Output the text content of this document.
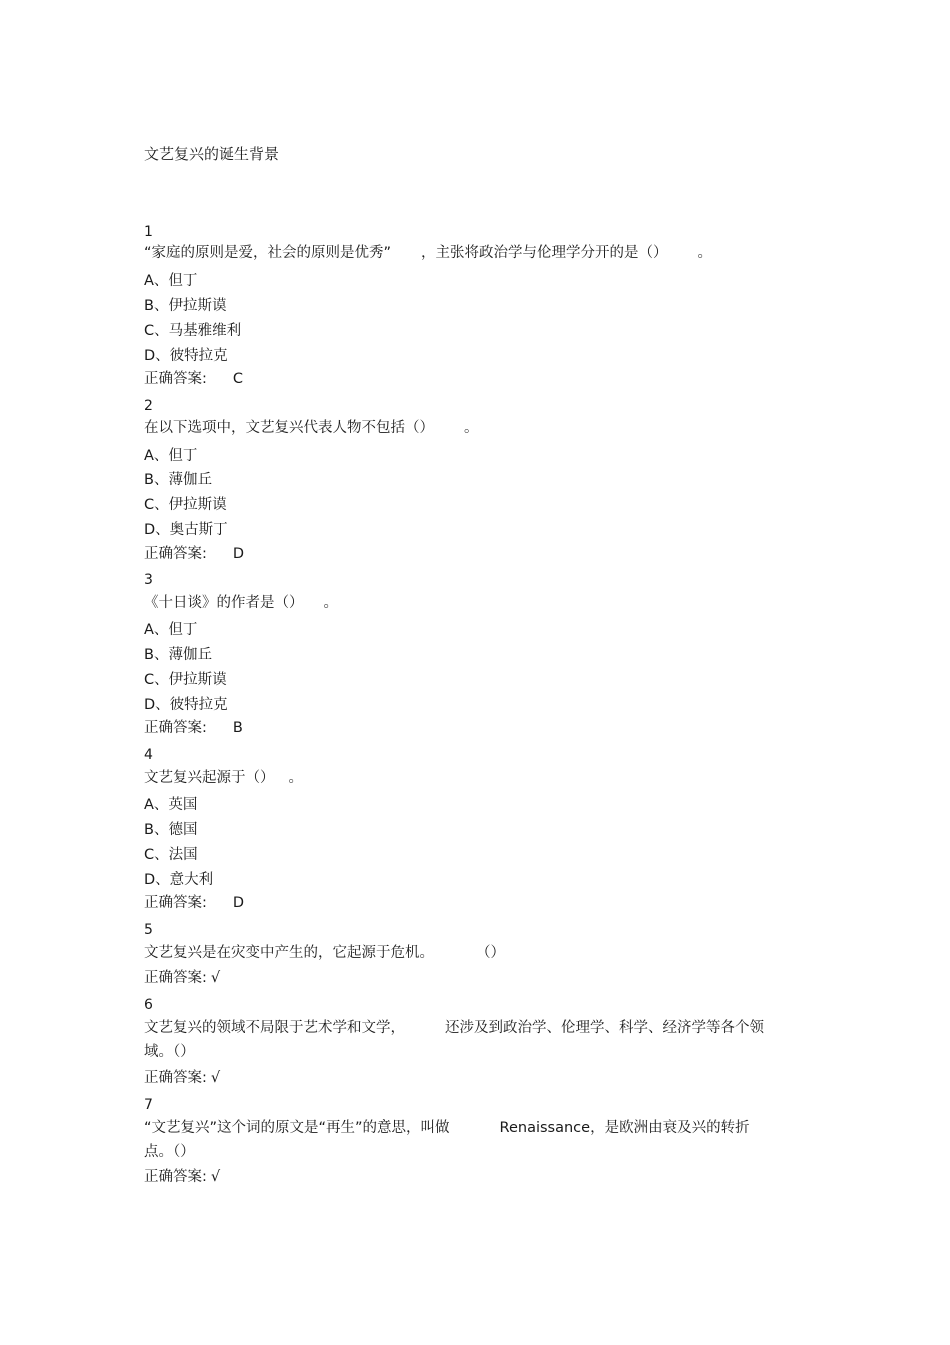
文艺复兴的诞生背景
1
“家庭的原则是爱，社会的原则是优秀” ，主张将政治学与伦理学分开的是（） 。
A、但丁
B、伊拉斯谟
C、马基雅维利
D、彼特拉克
正确答案: C
2
在以下选项中，文艺复兴代表人物不包括（） 。
A、但丁
B、薄伽丘
C、伊拉斯谟
D、奥古斯丁
正确答案: D
3
《十日谈》的作者是（） 。
A、但丁
B、薄伽丘
C、伊拉斯谟
D、彼特拉克
正确答案: B
4
文艺复兴起源于（） 。
A、英国
B、德国
C、法国
D、意大利
正确答案: D
5
文艺复兴是在灾变中产生的，它起源于危机。	（）
正确答案: √
6
文艺复兴的领域不局限于艺术学和文学，	还涉及到政治学、伦理学、科学、经济学等各个领
域。（）
正确答案: √
7
“文艺复兴”这个词的原文是“再生”的意思，叫做	Renaissance，是欧洲由衰及兴的转折
点。（）
正确答案: √
